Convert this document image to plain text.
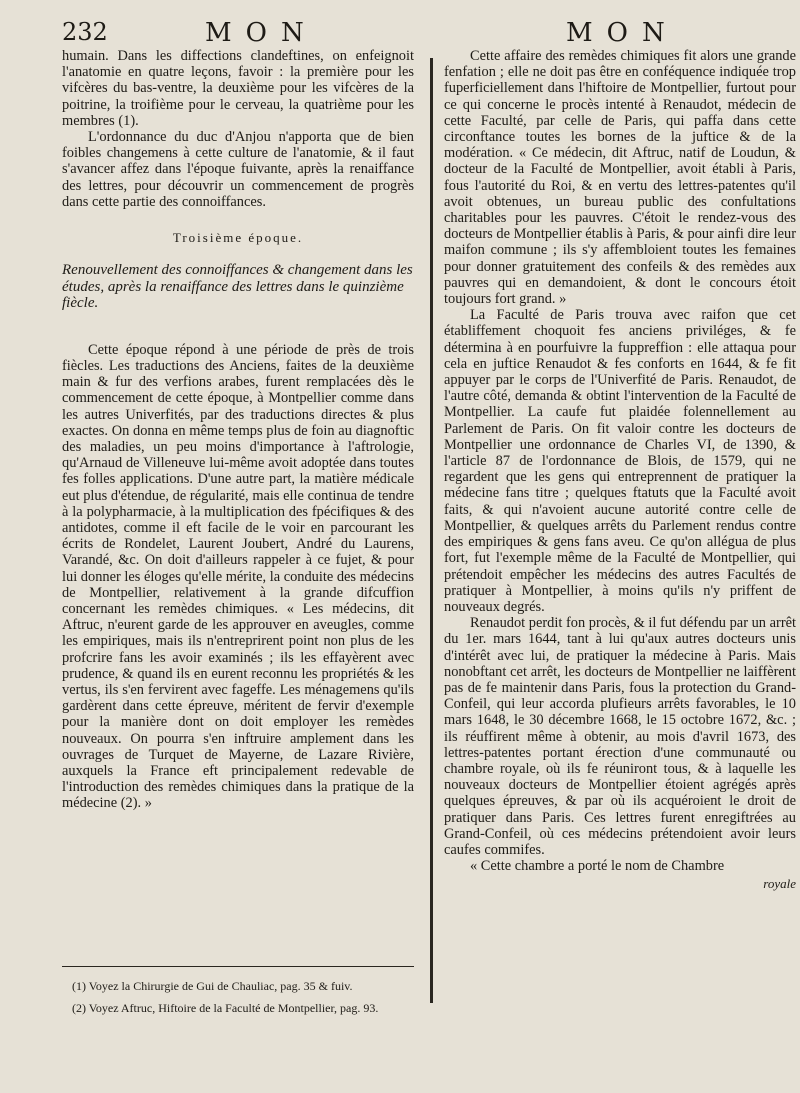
232	MON	MON

humain. Dans les diffections clandeftines, on enfeignoit l'anatomie en quatre leçons, favoir : la première pour les vifcères du bas-ventre, la deuxième pour les vifcères de la poitrine, la troifième pour le cerveau, la quatrième pour les membres (1).

L'ordonnance du duc d'Anjou n'apporta que de bien foibles changemens à cette culture de l'anatomie, & il faut s'avancer affez dans l'époque fuivante, après la renaiffance des lettres, pour découvrir un commencement de progrès dans cette partie des connoiffances.

Troisième époque.

Renouvellement des connoiffances & changement dans les études, après la renaiffance des lettres dans le quinzième fiècle.

Cette époque répond à une période de près de trois fiècles. Les traductions des Anciens, faites de la deuxième main & fur des verfions arabes, furent remplacées dès le commencement de cette époque, à Montpellier comme dans les autres Univerfités, par des traductions directes & plus exactes. On donna en même temps plus de foin au diagnoftic des maladies, un peu moins d'importance à l'aftrologie, qu'Arnaud de Villeneuve lui-même avoit adoptée dans toutes fes folles applications. D'une autre part, la matière médicale eut plus d'étendue, de régularité, mais elle continua de tendre à la polypharmacie, à la multiplication des fpécifiques & des antidotes, comme il eft facile de le voir en parcourant les écrits de Rondelet, Laurent Joubert, André du Laurens, Varandé, &c. On doit d'ailleurs rappeler à ce fujet, & pour lui donner les éloges qu'elle mérite, la conduite des médecins de Montpellier, relativement à la grande difcuffion concernant les remèdes chimiques. « Les médecins, dit Aftruc, n'eurent garde de les approuver en aveugles, comme les empiriques, mais ils n'entreprirent point non plus de les profcrire fans les avoir examinés ; ils les effayèrent avec prudence, & quand ils en eurent reconnu les propriétés & les vertus, ils s'en fervirent avec fageffe. Les ménagemens qu'ils gardèrent dans cette épreuve, méritent de fervir d'exemple pour la manière dont on doit employer les remèdes nouveaux. On pourra s'en inftruire amplement dans les ouvrages de Turquet de Mayerne, de Lazare Rivière, auxquels la France eft principalement redevable de l'introduction des remèdes chimiques dans la pratique de la médecine (2). »

(1) Voyez la Chirurgie de Gui de Chauliac, pag. 35 & fuiv.

(2) Voyez Aftruc, Hiftoire de la Faculté de Montpellier, pag. 93.

Cette affaire des remèdes chimiques fit alors une grande fenfation ; elle ne doit pas être en conféquence indiquée trop fuperficiellement dans l'hiftoire de Montpellier, furtout pour ce qui concerne le procès intenté à Renaudot, médecin de cette Faculté, par celle de Paris, qui paffa dans cette circonftance toutes les bornes de la juftice & de la modération. « Ce médecin, dit Aftruc, natif de Loudun, & docteur de la Faculté de Montpellier, avoit établi à Paris, fous l'autorité du Roi, & en vertu des lettres-patentes qu'il avoit obtenues, un bureau public des confultations charitables pour les pauvres. C'étoit le rendez-vous des docteurs de Montpellier établis à Paris, & pour ainfi dire leur maifon commune ; ils s'y affembloient toutes les femaines pour donner gratuitement des confeils & des remèdes aux pauvres qui en demandoient, & dont le concours étoit toujours fort grand. »

La Faculté de Paris trouva avec raifon que cet établiffement choquoit fes anciens priviléges, & fe détermina à en pourfuivre la fuppreffion : elle attaqua pour cela en juftice Renaudot & fes conforts en 1644, & fe fit appuyer par le corps de l'Univerfité de Paris. Renaudot, de l'autre côté, demanda & obtint l'intervention de la Faculté de Montpellier. La caufe fut plaidée folennellement au Parlement de Paris. On fit valoir contre les docteurs de Montpellier une ordonnance de Charles VI, de 1390, & l'article 87 de l'ordonnance de Blois, de 1579, qui ne regardent que les gens qui entreprennent de pratiquer la médecine fans titre ; quelques ftatuts que la Faculté avoit faits, & qui n'avoient aucune autorité contre celle de Montpellier, & quelques arrêts du Parlement rendus contre des empiriques & gens fans aveu. Ce qu'on allégua de plus fort, fut l'exemple même de la Faculté de Montpellier, qui prétendoit empêcher les médecins des autres Facultés de pratiquer à Montpellier, à moins qu'ils n'y priffent de nouveaux degrés.

Renaudot perdit fon procès, & il fut défendu par un arrêt du 1er. mars 1644, tant à lui qu'aux autres docteurs unis d'intérêt avec lui, de pratiquer la médecine à Paris. Mais nonobftant cet arrêt, les docteurs de Montpellier ne laiffèrent pas de fe maintenir dans Paris, fous la protection du Grand-Confeil, qui leur accorda plufieurs arrêts favorables, le 10 mars 1648, le 30 décembre 1668, le 15 octobre 1672, &c. ; ils réuffirent même à obtenir, au mois d'avril 1673, des lettres-patentes portant érection d'une communauté ou chambre royale, où ils fe réuniront tous, & à laquelle les nouveaux docteurs de Montpellier étoient agrégés après quelques épreuves, & par où ils acquéroient le droit de pratiquer dans Paris. Ces lettres furent enregiftrées au Grand-Confeil, où ces médecins prétendoient avoir leurs caufes commifes.

« Cette chambre a porté le nom de Chambre

royale
